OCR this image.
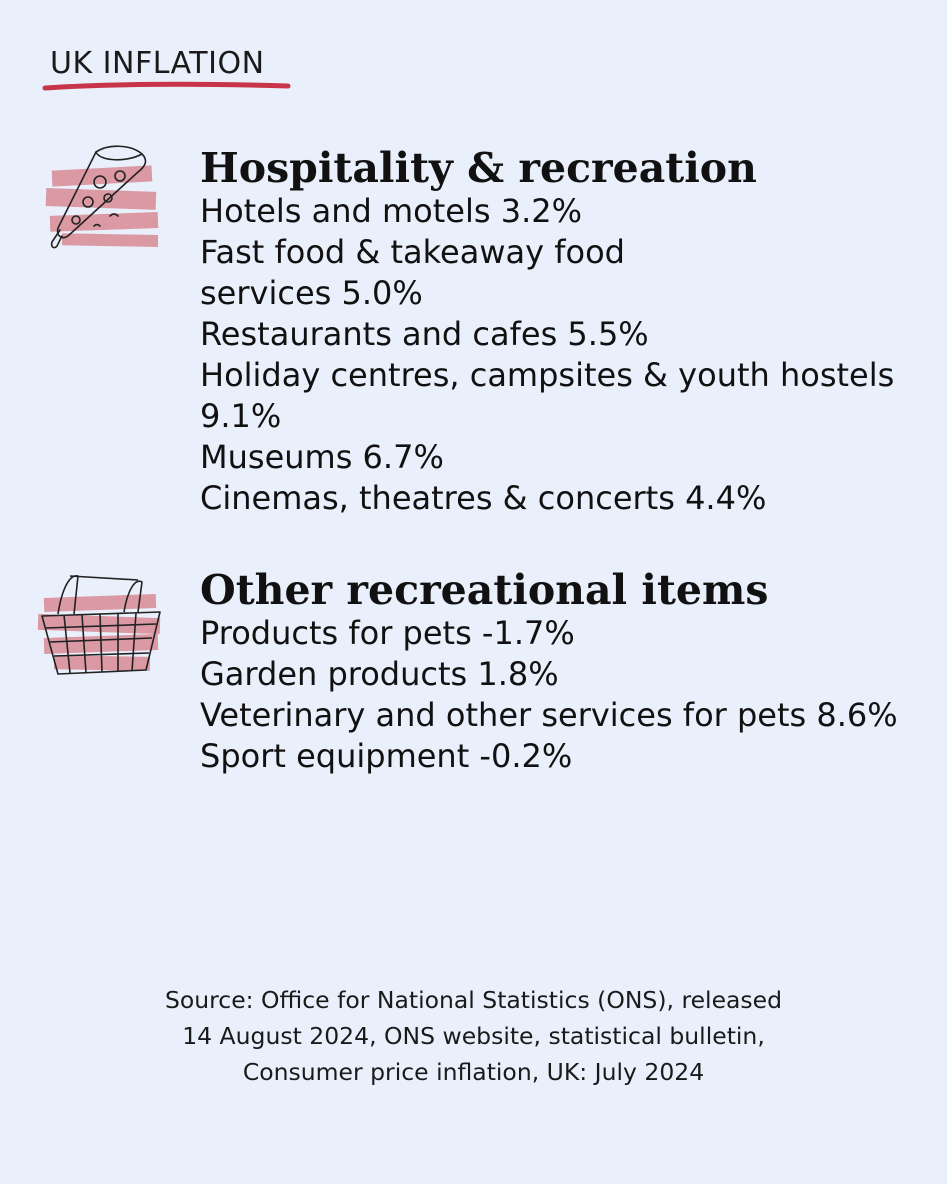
UK INFLATION
Hospitality & recreation
Hotels and motels 3.2%
Fast food & takeaway food services 5.0%
Restaurants and cafes 5.5%
Holiday centres, campsites & youth hostels 9.1%
Museums 6.7%
Cinemas, theatres & concerts 4.4%
Other recreational items
Products for pets -1.7%
Garden products 1.8%
Veterinary and other services for pets 8.6%
Sport equipment -0.2%

Source: Office for National Statistics (ONS), released
14 August 2024, ONS website, statistical bulletin,
Consumer price inflation, UK: July 2024
